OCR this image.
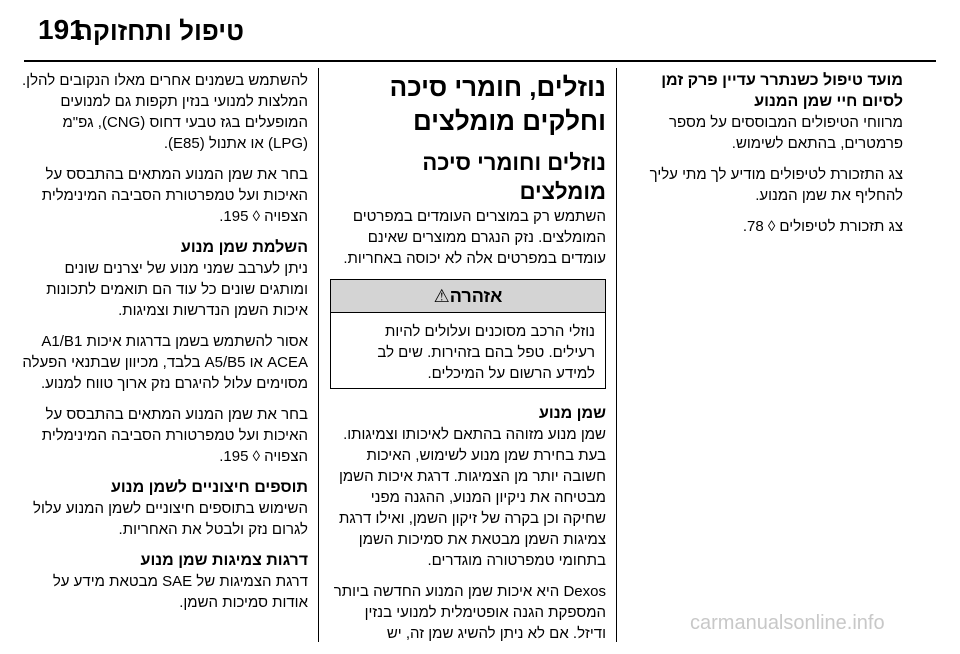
191
טיפול ותחזוקה
מועד טיפול כשנתרר עדיין פרק זמן לסיום חיי שמן המנוע

מרווחי הטיפולים המבוססים על מספר פרמטרים, בהתאם לשימוש.

צג התזכורת לטיפולים מודיע לך מתי עליך להחליף את שמן המנוע.

צג תזכורת לטיפולים ◊ 78.

נוזלים, חומרי סיכה וחלקים מומלצים
נוזלים וחומרי סיכה מומלצים

השתמש רק במוצרים העומדים במפרטים המומלצים. נזק הנגרם ממוצרים שאינם עומדים במפרטים אלה לא יכוסה באחריות.

אזהרה⚠
נוזלי הרכב מסוכנים ועלולים להיות רעילים. טפל בהם בזהירות. שים לב למידע הרשום על המיכלים.
שמן מנוע

שמן מנוע מזוהה בהתאם לאיכותו וצמיגותו. בעת בחירת שמן מנוע לשימוש, האיכות חשובה יותר מן הצמיגות. דרגת איכות השמן מבטיחה את ניקיון המנוע, ההגנה מפני שחיקה וכן בקרה של זיקון השמן, ואילו דרגת צמיגות השמן מבטאת את סמיכות השמן בתחומי טמפרטורה מוגדרים.

Dexos היא איכות שמן המנוע החדשה ביותר המספקת הגנה אופטימלית למנועי בנזין ודיזל. אם לא ניתן להשיג שמן זה, יש

להשתמש בשמנים אחרים מאלו הנקובים להלן. המלצות למנועי בנזין תקפות גם למנועים המופעלים בגז טבעי דחוס (CNG), גפ"מ (LPG) או אתנול (E85).

בחר את שמן המנוע המתאים בהתבסס על האיכות ועל טמפרטורת הסביבה המינימלית הצפויה ◊ 195.

השלמת שמן מנוע

ניתן לערבב שמני מנוע של יצרנים שונים ומותגים שונים כל עוד הם תואמים לתכונות איכות השמן הנדרשות וצמיגות.

אסור להשתמש בשמן בדרגות איכות A1/B1 ACEA או A5/B5 בלבד, מכיוון שבתנאי הפעלה מסוימים עלול להיגרם נזק ארוך טווח למנוע.

בחר את שמן המנוע המתאים בהתבסס על האיכות ועל טמפרטורת הסביבה המינימלית הצפויה ◊ 195.

תוספים חיצוניים לשמן מנוע

השימוש בתוספים חיצוניים לשמן המנוע עלול לגרום נזק ולבטל את האחריות.

דרגות צמיגות שמן מנוע

דרגת הצמיגות של SAE מבטאת מידע על אודות סמיכות השמן.

carmanualsonline.info
